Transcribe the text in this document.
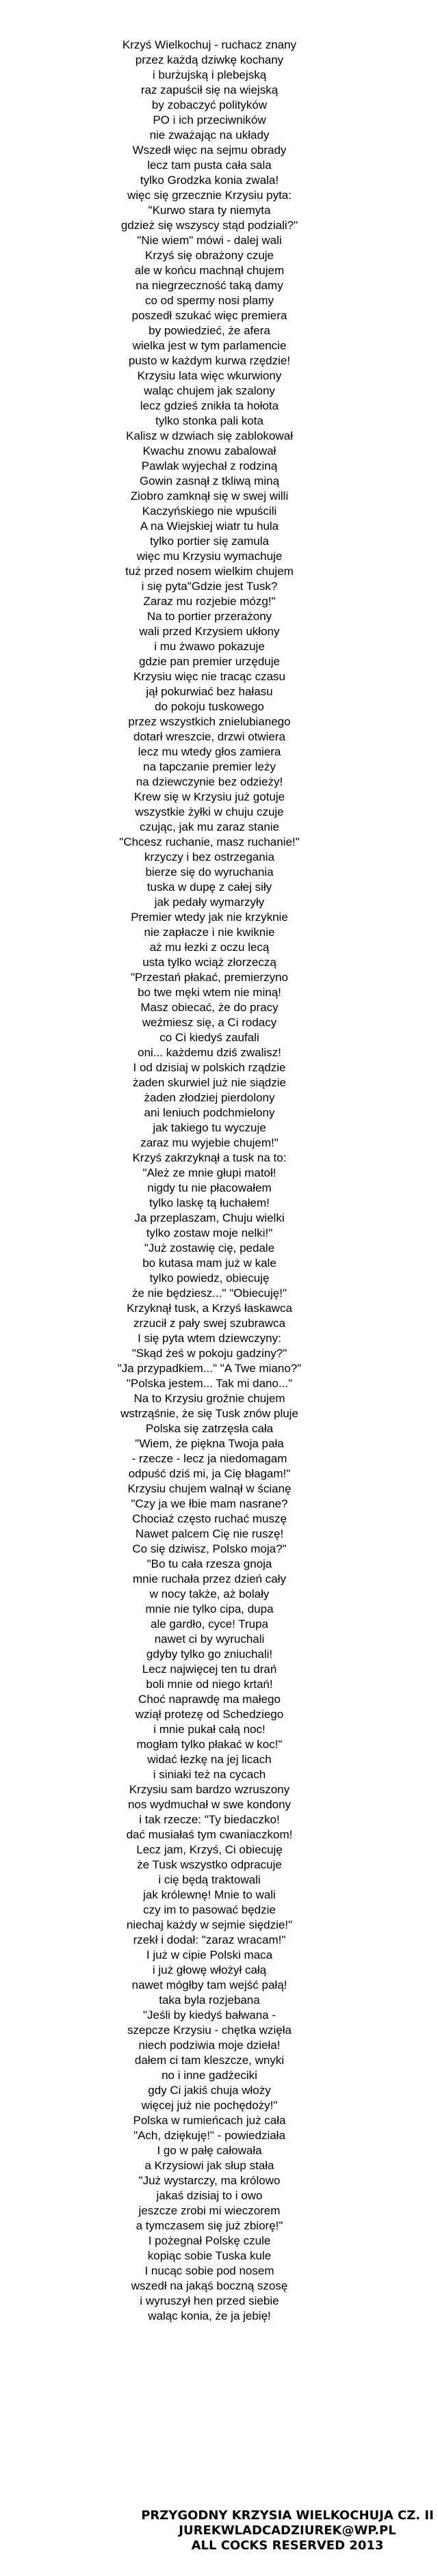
Krzyś Wielkochuj - ruchacz znany
przez każdą dziwkę kochany
i burżujską i plebejską
raz zapuścił się na wiejską
by zobaczyć polityków
PO i ich przeciwników
nie zważając na układy
Wszedł więc na sejmu obrady
lecz tam pusta cała sala
tylko Grodzka konia zwala!
więc się grzecznie Krzysiu pyta:
"Kurwo stara ty niemyta
gdzież się wszyscy stąd podziali?"
"Nie wiem" mówi - dalej wali
Krzyś się obrażony czuje
ale w końcu machnął chujem
na niegrzeczność taką damy
co od spermy nosi plamy
poszedł szukać więc premiera
by powiedzieć, że afera
wielka jest w tym parlamencie
pusto w każdym kurwa rzędzie!
Krzysiu lata więc wkurwiony
waląc chujem jak szalony
lecz gdzieś znikła ta hołota
tylko stonka pali kota
Kalisz w dzwiach się zablokował
Kwachu znowu zabalował
Pawlak wyjechał z rodziną
Gowin zasnął z tkliwą miną
Ziobro zamknął się w swej willi
Kaczyńskiego nie wpuścili
A na Wiejskiej wiatr tu hula
tylko portier się zamula
więc mu Krzysiu wymachuje
tuż przed nosem wielkim chujem
i się pyta"Gdzie jest Tusk?
Zaraz mu rozjebie mózg!"
Na to portier przerażony
wali przed Krzysiem ukłony
i mu żwawo pokazuje
gdzie pan premier urzęduje
Krzysiu więc nie tracąc czasu
jął pokurwiać bez hałasu
do pokoju tuskowego
przez wszystkich znielubianego
dotarł wreszcie, drzwi otwiera
lecz mu wtedy głos zamiera
na tapczanie premier leży
na dziewczynie bez odzieży!
Krew się w Krzysiu już gotuje
wszystkie żyłki w chuju czuje
czując, jak mu zaraz stanie
"Chcesz ruchanie, masz ruchanie!"
krzyczy i bez ostrzegania
bierze się do wyruchania
tuska w dupę z całej siły
jak pedały wymarzyły
Premier wtedy jak nie krzyknie
nie zapłacze i nie kwiknie
aż mu łezki z oczu lecą
usta tylko wciąż złorzeczą
"Przestań płakać, premierzyno
bo twe męki wtem nie miną!
Masz obiecać, że do pracy
weźmiesz się, a Ci rodacy
co Ci kiedyś zaufali
oni... każdemu dziś zwalisz!
I od dzisiaj w polskich rządzie
żaden skurwiel już nie siądzie
żaden złodziej pierdolony
ani leniuch podchmielony
jak takiego tu wyczuje
zaraz mu wyjebie chujem!"
Krzyś zakrzyknął a tusk na to:
"Ależ ze mnie głupi matoł!
nigdy tu nie płacowałem
tylko laskę tą łuchałem!
Ja przeplaszam, Chuju wielki
tylko zostaw moje nelki!"
"Już zostawię cię, pedale
bo kutasa mam już w kale
tylko powiedz, obiecuję
że nie będziesz..." "Obiecuję!"
Krzyknął tusk, a Krzyś łaskawca
zrzucił z pały swej szubrawca
I się pyta wtem dziewczyny:
"Skąd żeś w pokoju gadziny?"
"Ja przypadkiem..." "A Twe miano?"
"Polska jestem... Tak mi dano..."
Na to Krzysiu groźnie chujem
wstrząśnie, że się Tusk znów pluje
Polska się zatrzęsła cała
"Wiem, że piękna Twoja pała
- rzecze - lecz ja niedomagam
odpuść dziś mi, ja Cię błagam!"
Krzysiu chujem walnął w ścianę
"Czy ja we łbie mam nasrane?
Chociaż często ruchać muszę
Nawet palcem Cię nie ruszę!
Co się dziwisz, Polsko moja?"
"Bo tu cała rzesza gnoja
mnie ruchała przez dzień cały
w nocy także, aż bolały
mnie nie tylko cipa, dupa
ale gardło, cyce! Trupa
nawet ci by wyruchali
gdyby tylko go zniuchali!
Lecz najwięcej ten tu drań
boli mnie od niego krtań!
Choć naprawdę ma małego
wziął protezę od Schedziego
i mnie pukał całą noc!
mogłam tylko płakać w koc!"
widać łezkę na jej licach
i siniaki też na cycach
Krzysiu sam bardzo wzruszony
nos wydmuchał w swe kondony
i tak rzecze: "Ty biedaczko!
dać musiałaś tym cwaniaczkom!
Lecz jam, Krzyś, Ci obiecuję
że Tusk wszystko odpracuje
i cię będą traktowali
jak królewnę! Mnie to wali
czy im to pasować będzie
niechaj każdy w sejmie siędzie!"
rzekł i dodał: "zaraz wracam!"
I już w cipie Polski maca
i już głowę włożył całą
nawet mógłby tam wejść pałą!
taka byla rozjebana
"Jeśli by kiedyś bałwana -
szepcze Krzysiu - chętka wzięła
niech podziwia moje dzieła!
dałem ci tam kleszcze, wnyki
no i inne gadżeciki
gdy Ci jakiś chuja włoży
więcej już nie pochędoży!"
Polska w rumieńcach już cała
"Ach, dziękuję!" - powiedziała
I go w pałę całowała
a Krzysiowi jak słup stała
"Już wystarczy, ma królowo
jakaś dzisiaj to i owo
jeszcze zrobi mi wieczorem
a tymczasem się już zbiorę!"
I pożegnał Polskę czule
kopiąc sobie Tuska kule
I nucąc sobie pod nosem
wszedł na jakąś boczną szosę
i wyruszył hen przed siebie
waląc konia, że ja jebię!
PRZYGODNY KRZYSIA WIELKOCHUJA CZ. II
JUREKWLADCADZIUREK@WP.PL
ALL COCKS RESERVED 2013
